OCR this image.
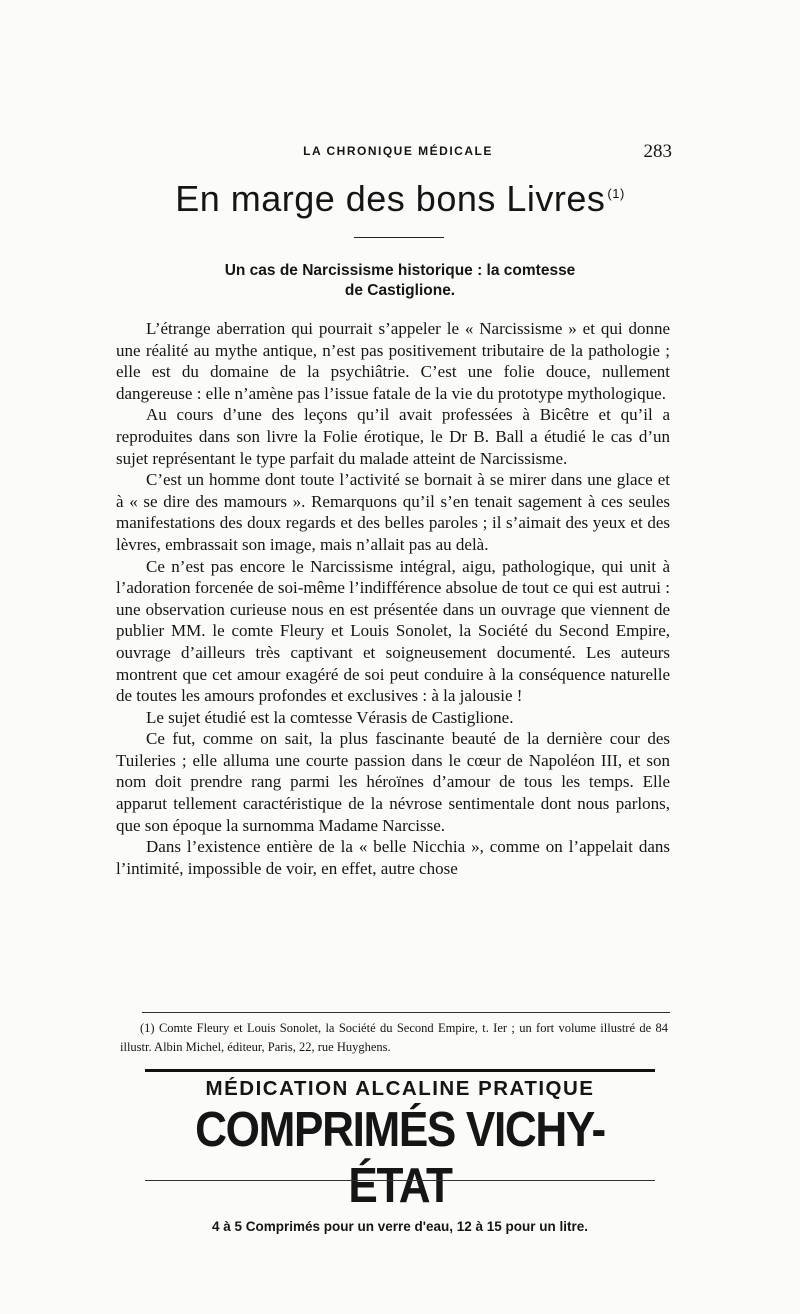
LA CHRONIQUE MÉDICALE	283
En marge des bons Livres $^{(1)}$
Un cas de Narcissisme historique : la comtesse
de Castiglione.

L’étrange aberration qui pourrait s’appeler le « Narcissisme » et qui donne une réalité au mythe antique, n’est pas positivement tributaire de la pathologie ; elle est du domaine de la psychiâtrie. C’est une folie douce, nullement dangereuse : elle n’amène pas l’issue fatale de la vie du prototype mythologique.

Au cours d’une des leçons qu’il avait professées à Bicêtre et qu’il a reproduites dans son livre la Folie érotique, le Dr B. Ball a étudié le cas d’un sujet représentant le type parfait du malade atteint de Narcissisme.

C’est un homme dont toute l’activité se bornait à se mirer dans une glace et à « se dire des mamours ». Remarquons qu’il s’en tenait sagement à ces seules manifestations des doux regards et des belles paroles ; il s’aimait des yeux et des lèvres, embrassait son image, mais n’allait pas au delà.

Ce n’est pas encore le Narcissisme intégral, aigu, pathologique, qui unit à l’adoration forcenée de soi-même l’indifférence absolue de tout ce qui est autrui : une observation curieuse nous en est présentée dans un ouvrage que viennent de publier MM. le comte Fleury et Louis Sonolet, la Société du Second Empire, ouvrage d’ailleurs très captivant et soigneusement documenté. Les auteurs montrent que cet amour exagéré de soi peut conduire à la conséquence naturelle de toutes les amours profondes et exclusives : à la jalousie !

Le sujet étudié est la comtesse Vérasis de Castiglione.

Ce fut, comme on sait, la plus fascinante beauté de la dernière cour des Tuileries ; elle alluma une courte passion dans le cœur de Napoléon III, et son nom doit prendre rang parmi les héroïnes d’amour de tous les temps. Elle apparut tellement caractéristique de la névrose sentimentale dont nous parlons, que son époque la surnomma Madame Narcisse.

Dans l’existence entière de la « belle Nicchia », comme on l’appelait dans l’intimité, impossible de voir, en effet, autre chose

(1) Comte Fleury et Louis Sonolet, la Société du Second Empire, t. Ier ; un fort volume illustré de 84 illustr. Albin Michel, éditeur, Paris, 22, rue Huyghens.
MÉDICATION ALCALINE PRATIQUE
COMPRIMÉS VICHY-ÉTAT
4 à 5 Comprimés pour un verre d'eau, 12 à 15 pour un litre.
